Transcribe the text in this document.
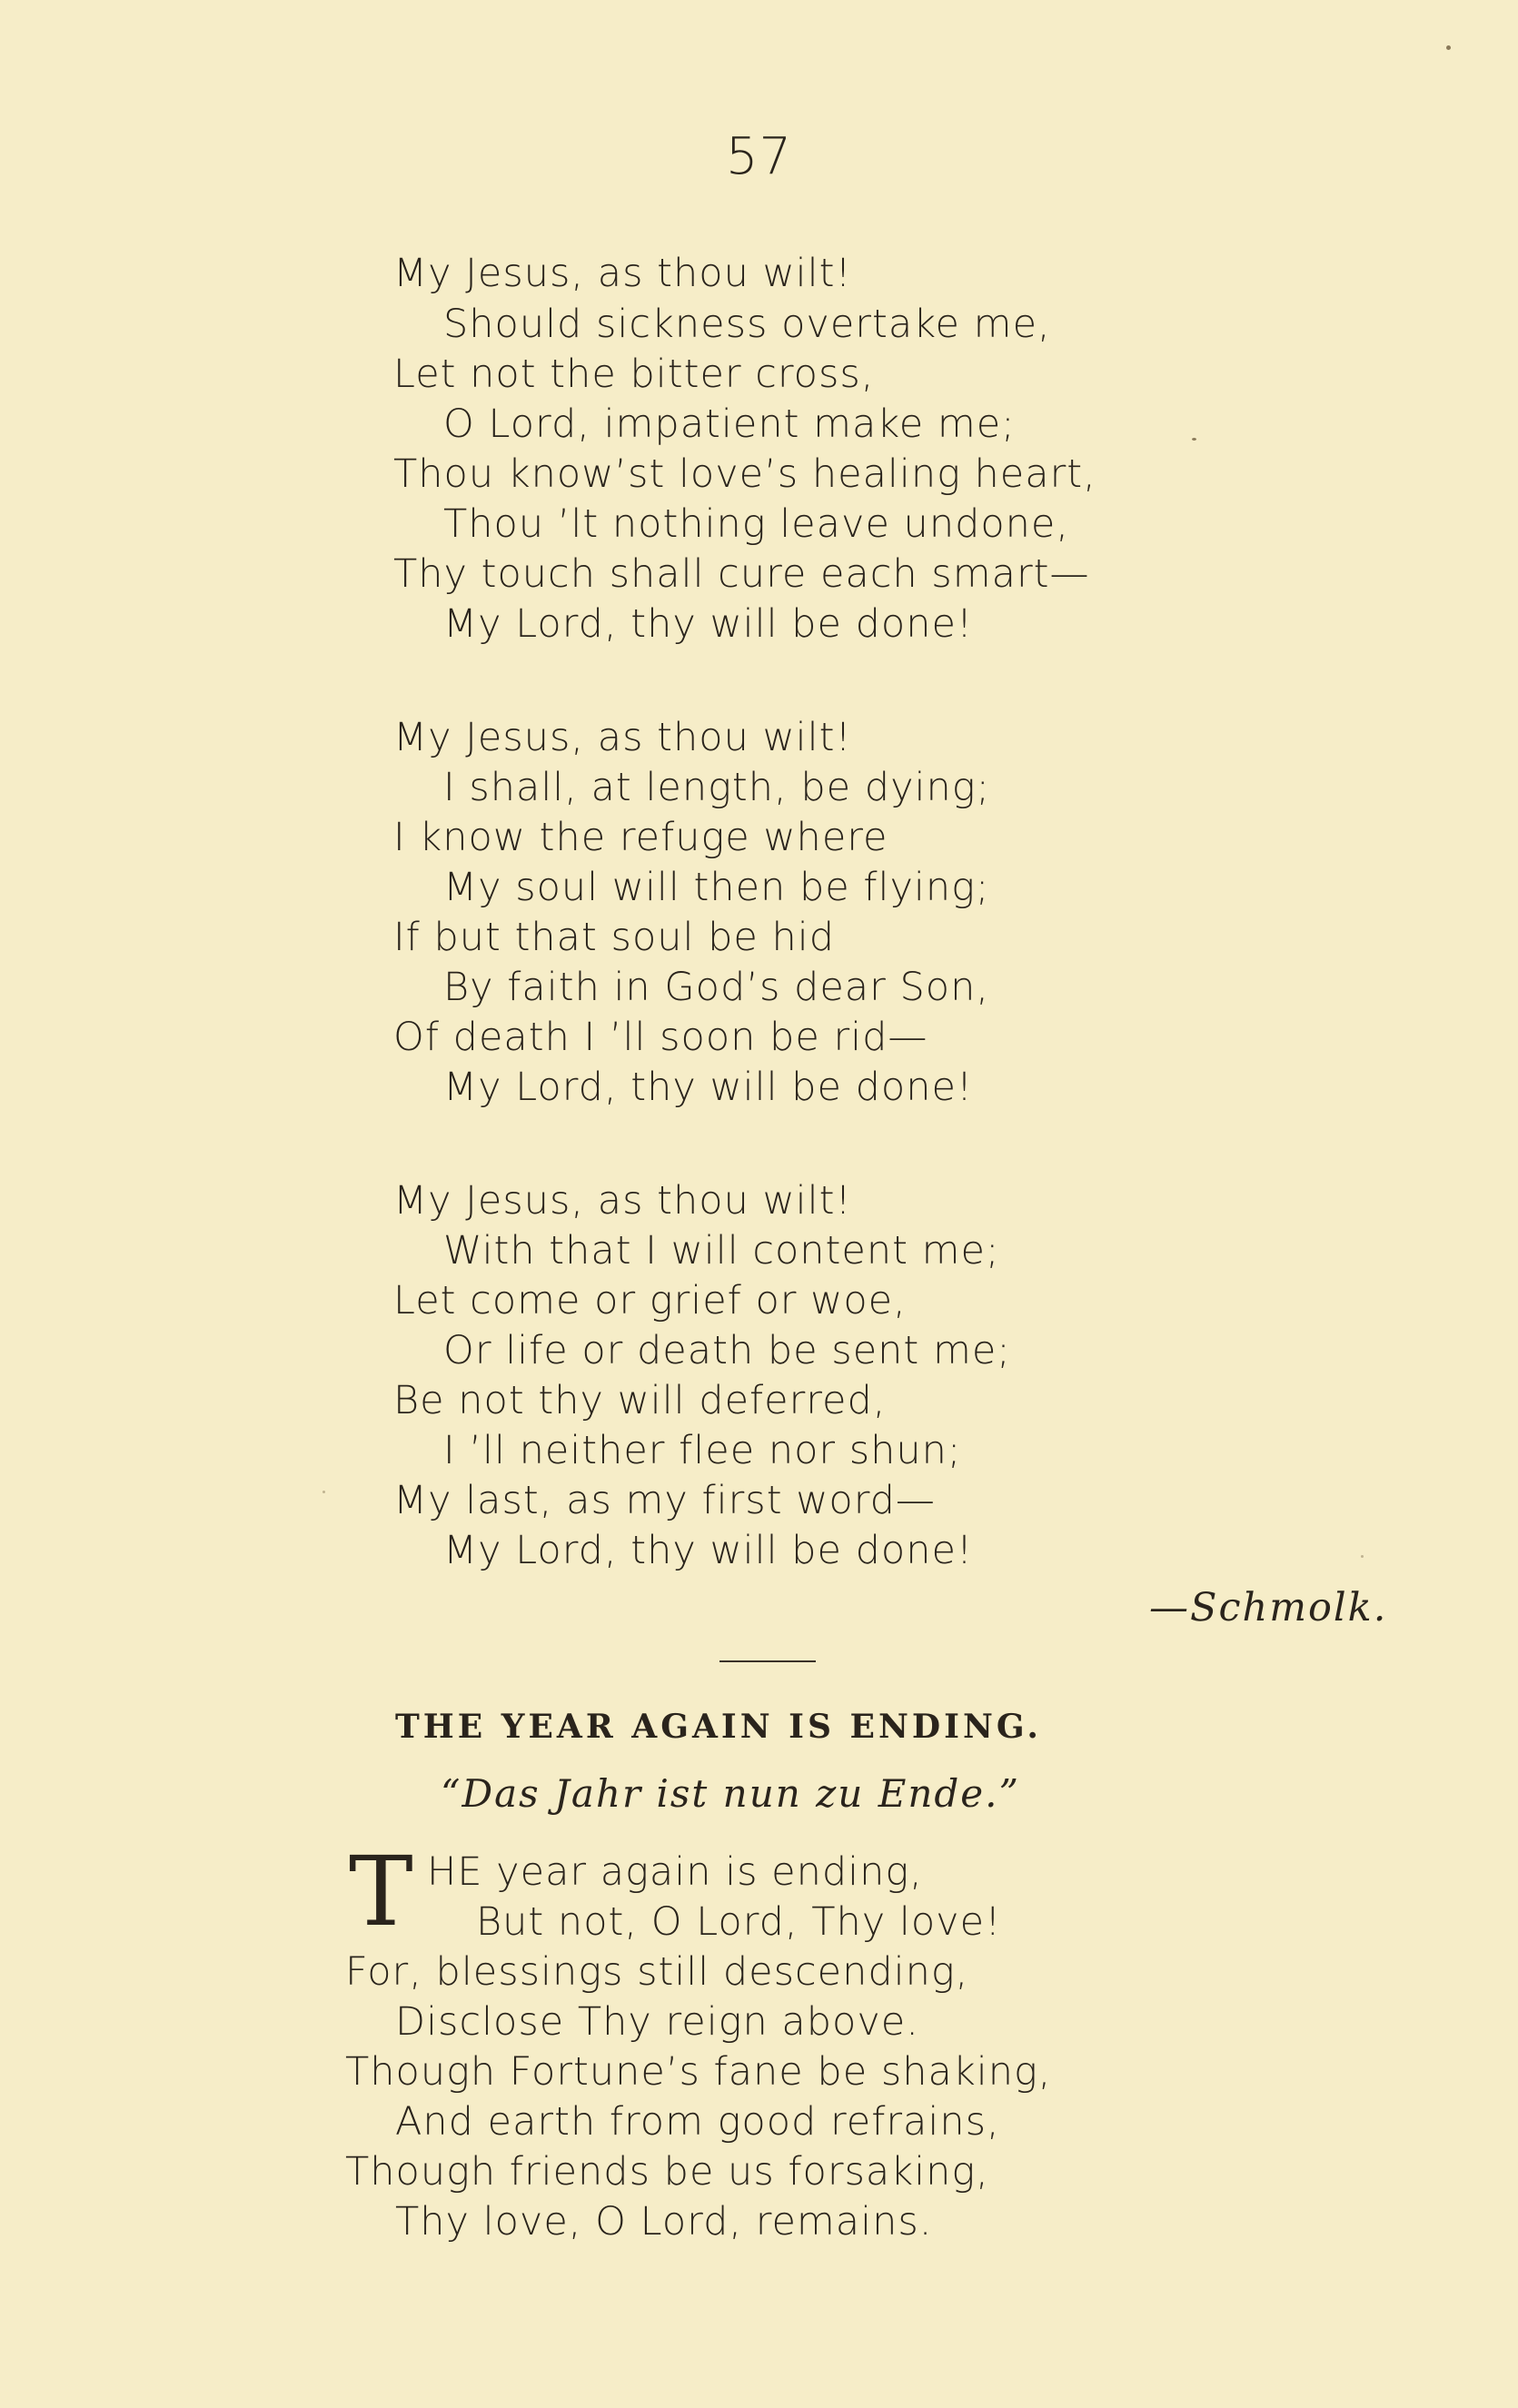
57
My Jesus, as thou wilt!
Should sickness overtake me,
Let not the bitter cross,
O Lord, impatient make me;
Thou know’st love’s healing heart,
Thou ’lt nothing leave undone,
Thy touch shall cure each smart—
My Lord, thy will be done!
My Jesus, as thou wilt!
I shall, at length, be dying;
I know the refuge where
My soul will then be flying;
If but that soul be hid
By faith in God’s dear Son,
Of death I ’ll soon be rid—
My Lord, thy will be done!
My Jesus, as thou wilt!
With that I will content me;
Let come or grief or woe,
Or life or death be sent me;
Be not thy will deferred,
I ’ll neither flee nor shun;
My last, as my first word—
My Lord, thy will be done!
—Schmolk.
THE YEAR AGAIN IS ENDING.
“Das Jahr ist nun zu Ende.”
T HE year again is ending,
But not, O Lord, Thy love!
For, blessings still descending,
Disclose Thy reign above.
Though Fortune’s fane be shaking,
And earth from good refrains,
Though friends be us forsaking,
Thy love, O Lord, remains.
